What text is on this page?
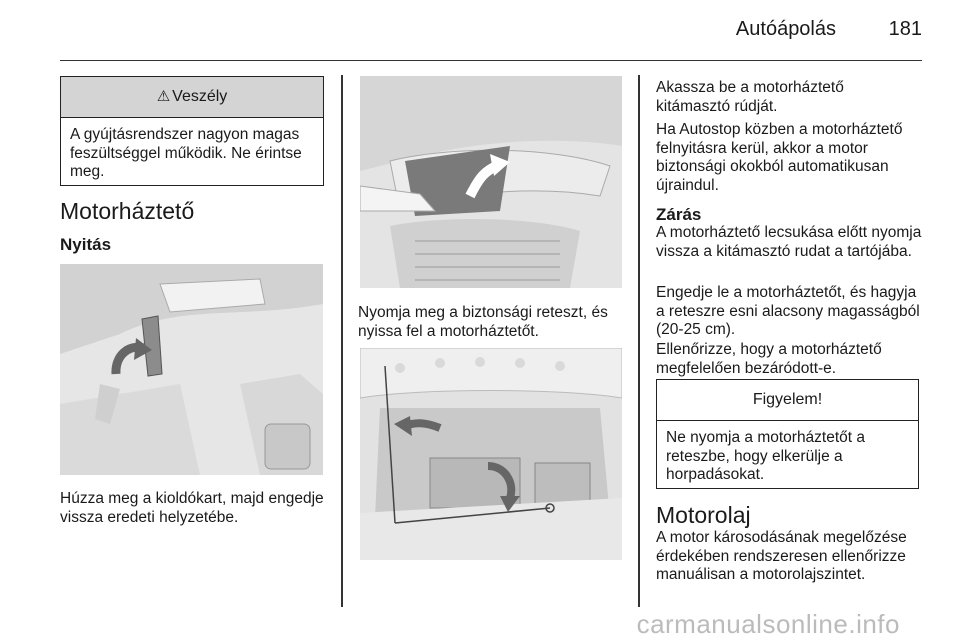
Autóápolás	181
⚠ Veszély
A gyújtásrendszer nagyon magas feszültséggel működik. Ne érintse meg.
Motorháztető
Nyitás

Húzza meg a kioldókart, majd engedje vissza eredeti helyzetébe.

Nyomja meg a biztonsági reteszt, és nyissa fel a motorháztetőt.

Akassza be a motorháztető kitámasztó rúdját.

Ha Autostop közben a motorháztető felnyitásra kerül, akkor a motor biztonsági okokból automatikusan újraindul.

Zárás

A motorháztető lecsukása előtt nyomja vissza a kitámasztó rudat a tartójába.

Engedje le a motorháztetőt, és hagyja a reteszre esni alacsony magasságból (20-25 cm).

Ellenőrizze, hogy a motorháztető megfelelően bezáródott-e.

Figyelem!
Ne nyomja a motorháztetőt a reteszbe, hogy elkerülje a horpadásokat.
Motorolaj

A motor károsodásának megelőzése érdekében rendszeresen ellenőrizze manuálisan a motorolajszintet.

carmanualsonline.info
